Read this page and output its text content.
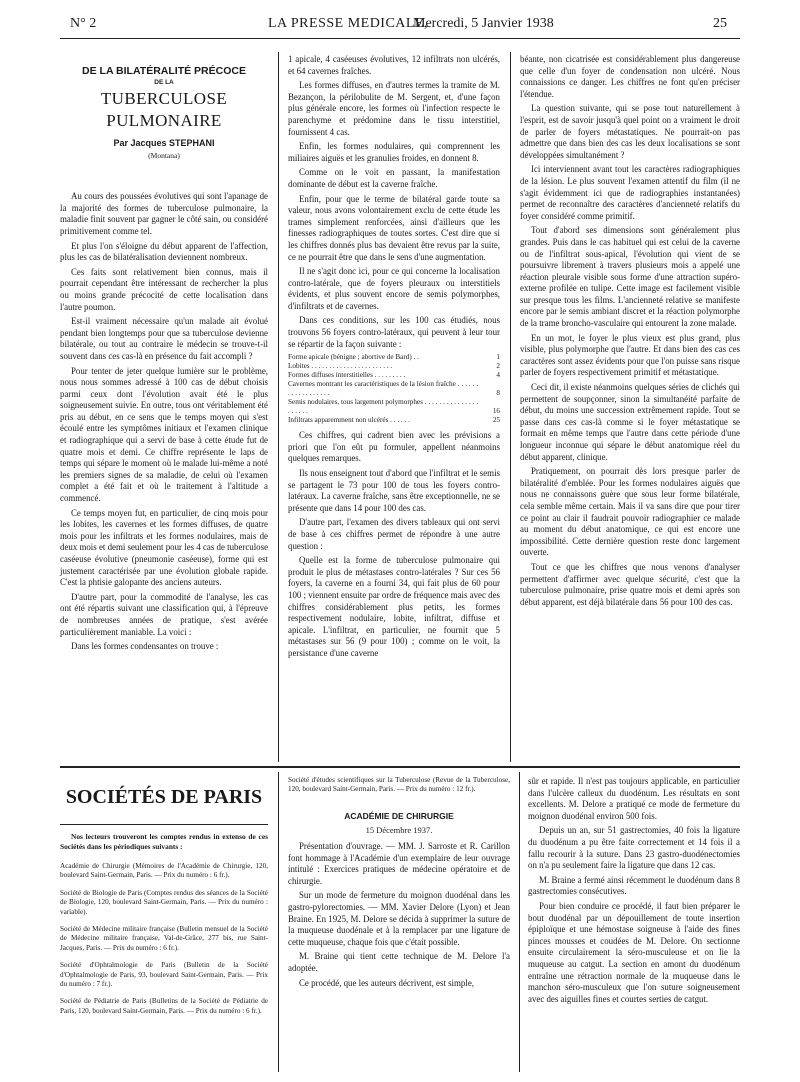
N° 2	LA PRESSE MEDICALE,
Mercredi, 5 Janvier 1938	25
DE LA BILATÉRALITÉ PRÉCOCE
DE LA
TUBERCULOSE PULMONAIRE
Par Jacques STEPHANI
(Montana)

Au cours des poussées évolutives qui sont l'apanage de la majorité des formes de tuberculose pulmonaire, la maladie finit souvent par gagner le côté sain, ou considéré primitivement comme tel.

Et plus l'on s'éloigne du début apparent de l'affection, plus les cas de bilatéralisation deviennent nombreux.

Ces faits sont relativement bien connus, mais il pourrait cependant être intéressant de rechercher la plus ou moins grande précocité de cette localisation dans l'autre poumon.

Est-il vraiment nécessaire qu'un malade ait évolué pendant bien longtemps pour que sa tuberculose devienne bilatérale, ou tout au contraire le médecin se trouve-t-il souvent dans ces cas-là en présence du fait accompli ?

Pour tenter de jeter quelque lumière sur le problème, nous nous sommes adressé à 100 cas de début choisis parmi ceux dont l'évolution avait été le plus soigneusement suivie. En outre, tous ont véritablement été pris au début, en ce sens que le temps moyen qui s'est écoulé entre les symptômes initiaux et l'examen clinique et radiographique qui a servi de base à cette étude fut de quatre mois et demi. Ce chiffre représente le laps de temps qui sépare le moment où le malade lui-même a noté les premiers signes de sa maladie, de celui où l'examen complet a été fait et où le traitement à l'altitude a commencé.

Ce temps moyen fut, en particulier, de cinq mois pour les lobites, les cavernes et les formes diffuses, de quatre mois pour les infiltrats et les formes nodulaires, mais de deux mois et demi seulement pour les 4 cas de tuberculose caséeuse évolutive (pneumonie caséeuse), forme qui est justement caractérisée par une évolution globale rapide. C'est la phtisie galopante des anciens auteurs.

D'autre part, pour la commodité de l'analyse, les cas ont été répartis suivant une classification qui, à l'épreuve de nombreuses années de pratique, s'est avérée particulièrement maniable. La voici :

Dans les formes condensantes on trouve :

1 apicale, 4 caséeuses évolutives, 12 infiltrats non ulcérés, et 64 cavernes fraîches.

Les formes diffuses, en d'autres termes la tramite de M. Bezançon, la périlobulite de M. Sergent, et, d'une façon plus générale encore, les formes où l'infection respecte le parenchyme et prédomine dans le tissu interstitiel, fournissent 4 cas.

Enfin, les formes nodulaires, qui comprennent les miliaires aiguës et les granulies froides, en donnent 8.

Comme on le voit en passant, la manifestation dominante de début est la caverne fraîche.

Enfin, pour que le terme de bilatéral garde toute sa valeur, nous avons volontairement exclu de cette étude les trames simplement renforcées, ainsi d'ailleurs que les finesses radiographiques de toutes sortes. C'est dire que si les chiffres donnés plus bas devaient être revus par la suite, ce ne pourrait être que dans le sens d'une augmentation.

Il ne s'agit donc ici, pour ce qui concerne la localisation contro-latérale, que de foyers pleuraux ou interstitiels évidents, et plus souvent encore de semis polymorphes, d'infiltrats et de cavernes.

Dans ces conditions, sur les 100 cas étudiés, nous trouvons 56 foyers contro-latéraux, qui peuvent à leur tour se répartir de la façon suivante :

Forme apicale (bénigne ; abortive de Bard) . .	1
Lobites . . . . . . . . . . . . . . . . . . . . . . .	2
Formes diffuses interstitielles . . . . . . . . .	4
Cavernes montrant les caractéristiques de la lésion fraîche . . . . . . . . . . . . . . . . . .	8
Semis nodulaires, tous largement polymorphes . . . . . . . . . . . . . . . . . . . . .	16
Infiltrats apparemment non ulcérés . . . . . .	25

Ces chiffres, qui cadrent bien avec les prévisions a priori que l'on eût pu formuler, appellent néanmoins quelques remarques.

Ils nous enseignent tout d'abord que l'infiltrat et le semis se partagent le 73 pour 100 de tous les foyers contro-latéraux. La caverne fraîche, sans être exceptionnelle, ne se présente que dans 14 pour 100 des cas.

D'autre part, l'examen des divers tableaux qui ont servi de base à ces chiffres permet de répondre à une autre question :

Quelle est la forme de tuberculose pulmonaire qui produit le plus de métastases contro-latérales ? Sur ces 56 foyers, la caverne en a fourni 34, qui fait plus de 60 pour 100 ; viennent ensuite par ordre de fréquence mais avec des chiffres considérablement plus petits, les formes respectivement nodulaire, lobite, infiltrat, diffuse et apicale. L'infiltrat, en particulier, ne fournit que 5 métastases sur 56 (9 pour 100) ; comme on le voit, la persistance d'une caverne

béante, non cicatrisée est considérablement plus dangereuse que celle d'un foyer de condensation non ulcéré. Nous connaissions ce danger. Les chiffres ne font qu'en préciser l'étendue.

La question suivante, qui se pose tout naturellement à l'esprit, est de savoir jusqu'à quel point on a vraiment le droit de parler de foyers métastatiques. Ne pourrait-on pas admettre que dans bien des cas les deux localisations se sont développées simultanément ?

Ici interviennent avant tout les caractères radiographiques de la lésion. Le plus souvent l'examen attentif du film (il ne s'agit évidemment ici que de radiographies instantanées) permet de reconnaître des caractères d'ancienneté relatifs du foyer considéré comme primitif.

Tout d'abord ses dimensions sont généralement plus grandes. Puis dans le cas habituel qui est celui de la caverne ou de l'infiltrat sous-apical, l'évolution qui vient de se poursuivre librement à travers plusieurs mois a appelé une réaction pleurale visible sous forme d'une attraction supéro-externe profilée en tulipe. Cette image est facilement visible sur presque tous les films. L'ancienneté relative se manifeste encore par le semis ambiant discret et la réaction polymorphe de la trame broncho-vasculaire qui entourent la zone malade.

En un mot, le foyer le plus vieux est plus grand, plus visible, plus polymorphe que l'autre. Et dans bien des cas ces caractères sont assez évidents pour que l'on puisse sans risque parler de foyers respectivement primitif et métastatique.

Ceci dit, il existe néanmoins quelques séries de clichés qui permettent de soupçonner, sinon la simultanéité parfaite de début, du moins une succession extrêmement rapide. Tout se passe dans ces cas-là comme si le foyer métastatique se formait en même temps que l'autre dans cette période d'une longueur inconnue qui sépare le début anatomique réel du début apparent, clinique.

Pratiquement, on pourrait dès lors presque parler de bilatéralité d'emblée. Pour les formes nodulaires aiguës que nous ne connaissons guère que sous leur forme bilatérale, cela semble même certain. Mais il va sans dire que pour tirer ce point au clair il faudrait pouvoir radiographier ce malade au moment du début anatomique, ce qui est encore une impossibilité. Cette dernière question reste donc largement ouverte.

Tout ce que les chiffres que nous venons d'analyser permettent d'affirmer avec quelque sécurité, c'est que la tuberculose pulmonaire, prise quatre mois et demi après son début apparent, est déjà bilatérale dans 56 pour 100 des cas.

SOCIÉTÉS DE PARIS

Nos lecteurs trouveront les comptes rendus in extenso de ces Sociétés dans les périodiques suivants :

Académie de Chirurgie (Mémoires de l'Académie de Chirurgie, 120, boulevard Saint-Germain, Paris. — Prix du numéro : 6 fr.).

Société de Biologie de Paris (Comptes rendus des séances de la Société de Biologie, 120, boulevard Saint-Germain, Paris. — Prix du numéro : variable).

Société de Médecine militaire française (Bulletin mensuel de la Société de Médecine militaire française, Val-de-Grâce, 277 bis, rue Saint-Jacques, Paris. — Prix du numéro : 6 fr.).

Société d'Ophtalmologie de Paris (Bulletin de la Société d'Ophtalmologie de Paris, 93, boulevard Saint-Germain, Paris. — Prix du numéro : 7 fr.).

Société de Pédiatrie de Paris (Bulletins de la Société de Pédiatrie de Paris, 120, boulevard Saint-Germain, Paris. — Prix du numéro : 6 fr.).

Société d'études scientifiques sur la Tuberculose (Revue de la Tuberculose, 120, boulevard Saint-Germain, Paris. — Prix du numéro : 12 fr.).

ACADÉMIE DE CHIRURGIE
15 Décembre 1937.

Présentation d'ouvrage. — MM. J. Sarroste et R. Carillon font hommage à l'Académie d'un exemplaire de leur ouvrage intitulé : Exercices pratiques de médecine opératoire et de chirurgie.

Sur un mode de fermeture du moignon duodénal dans les gastro-pylorectomies. — MM. Xavier Delore (Lyon) et Jean Braine. En 1925, M. Delore se décida à supprimer la suture de la muqueuse duodénale et à la remplacer par une ligature de cette muqueuse, chaque fois que c'était possible.

M. Braine qui tient cette technique de M. Delore l'a adoptée.

Ce procédé, que les auteurs décrivent, est simple,

sûr et rapide. Il n'est pas toujours applicable, en particulier dans l'ulcère calleux du duodénum. Les résultats en sont excellents. M. Delore a pratiqué ce mode de fermeture du moignon duodénal environ 500 fois.

Depuis un an, sur 51 gastrectomies, 40 fois la ligature du duodénum a pu être faite correctement et 14 fois il a fallu recourir à la suture. Dans 23 gastro-duodénectomies on n'a pu seulement faire la ligature que dans 12 cas.

M. Braine a fermé ainsi récemment le duodénum dans 8 gastrectomies consécutives.

Pour bien conduire ce procédé, il faut bien préparer le bout duodénal par un dépouillement de toute insertion épiploïque et une hémostase soigneuse à l'aide des fines pinces mousses et coudées de M. Delore. On sectionne ensuite circulairement la séro-musculeuse et on lie la muqueuse au catgut. La section en amont du duodénum entraîne une rétraction normale de la muqueuse dans le manchon séro-musculeux que l'on suture soigneusement avec des aiguilles fines et courtes serties de catgut.
